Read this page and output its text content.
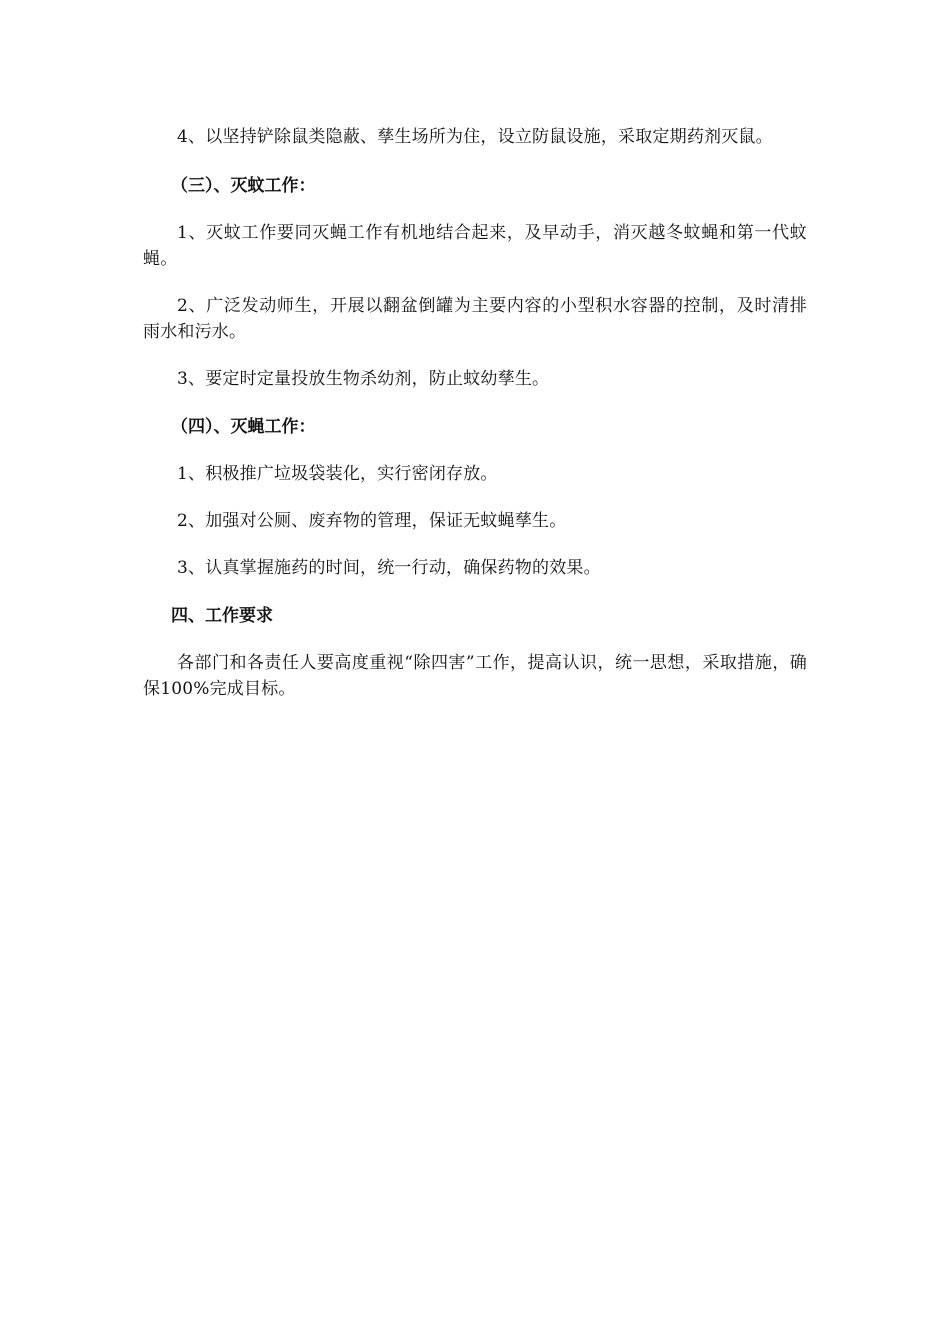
4、以坚持铲除鼠类隐蔽、孳生场所为住，设立防鼠设施，采取定期药剂灭鼠。

（三）、灭蚊工作：

1、灭蚊工作要同灭蝇工作有机地结合起来，及早动手，消灭越冬蚊蝇和第一代蚊蝇。

2、广泛发动师生，开展以翻盆倒罐为主要内容的小型积水容器的控制，及时清排雨水和污水。

3、要定时定量投放生物杀幼剂，防止蚊幼孳生。

（四）、灭蝇工作：

1、积极推广垃圾袋装化，实行密闭存放。

2、加强对公厕、废弃物的管理，保证无蚊蝇孳生。

3、认真掌握施药的时间，统一行动，确保药物的效果。

四、工作要求

各部门和各责任人要高度重视“除四害”工作，提高认识，统一思想，采取措施，确保100%完成目标。
